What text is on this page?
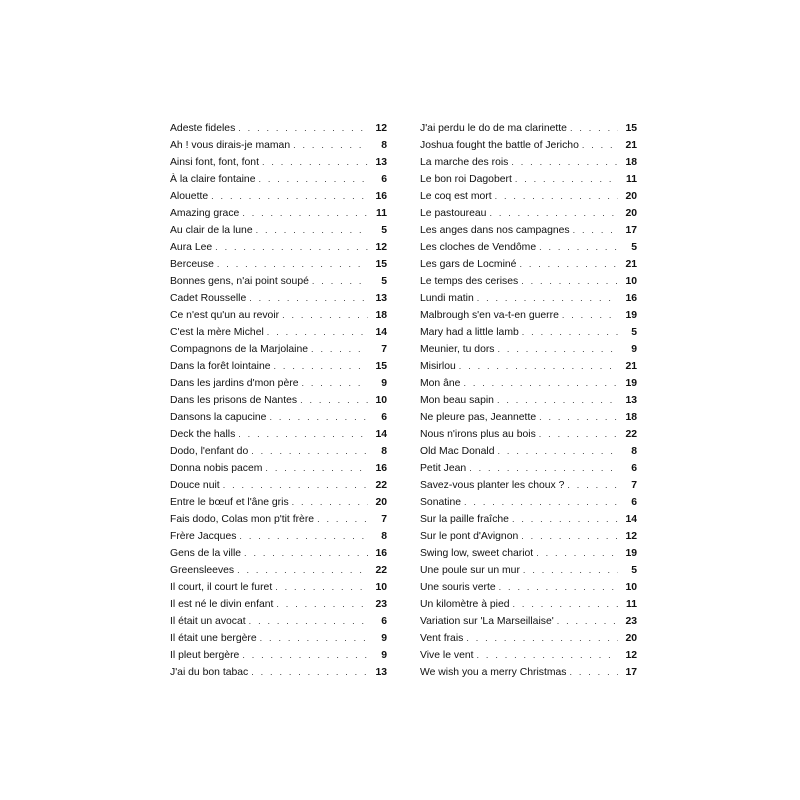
Adeste fideles . . .	12
Ah ! vous dirais-je maman . . .	8
Ainsi font, font, font . . .	13
À la claire fontaine . . .	6
Alouette . . .	16
Amazing grace . . .	11
Au clair de la lune . . .	5
Aura Lee . . .	12
Berceuse . . .	15
Bonnes gens, n'ai point soupé . . .	5
Cadet Rousselle . . .	13
Ce n'est qu'un au revoir . . .	18
C'est la mère Michel . . .	14
Compagnons de la Marjolaine . . .	7
Dans la forêt lointaine . . .	15
Dans les jardins d'mon père . . .	9
Dans les prisons de Nantes . . .	10
Dansons la capucine . . .	6
Deck the halls . . .	14
Dodo, l'enfant do . . .	8
Donna nobis pacem . . .	16
Douce nuit . . .	22
Entre le bœuf et l'âne gris . . .	20
Fais dodo, Colas mon p'tit frère . . .	7
Frère Jacques . . .	8
Gens de la ville . . .	16
Greensleeves . . .	22
Il court, il court le furet . . .	10
Il est né le divin enfant . . .	23
Il était un avocat . . .	6
Il était une bergère . . .	9
Il pleut bergère . . .	9
J'ai du bon tabac . . .	13
J'ai perdu le do de ma clarinette . . .	15
Joshua fought the battle of Jericho . . .	21
La marche des rois . . .	18
Le bon roi Dagobert . . .	11
Le coq est mort . . .	20
Le pastoureau . . .	20
Les anges dans nos campagnes . . .	17
Les cloches de Vendôme . . .	5
Les gars de Locminé . . .	21
Le temps des cerises . . .	10
Lundi matin . . .	16
Malbrough s'en va-t-en guerre . . .	19
Mary had a little lamb . . .	5
Meunier, tu dors . . .	9
Misirlou . . .	21
Mon âne . . .	19
Mon beau sapin . . .	13
Ne pleure pas, Jeannette . . .	18
Nous n'irons plus au bois . . .	22
Old Mac Donald . . .	8
Petit Jean . . .	6
Savez-vous planter les choux ? . . .	7
Sonatine . . .	6
Sur la paille fraîche . . .	14
Sur le pont d'Avignon . . .	12
Swing low, sweet chariot . . .	19
Une poule sur un mur . . .	5
Une souris verte . . .	10
Un kilomètre à pied . . .	11
Variation sur 'La Marseillaise' . . .	23
Vent frais . . .	20
Vive le vent . . .	12
We wish you a merry Christmas . . .	17
